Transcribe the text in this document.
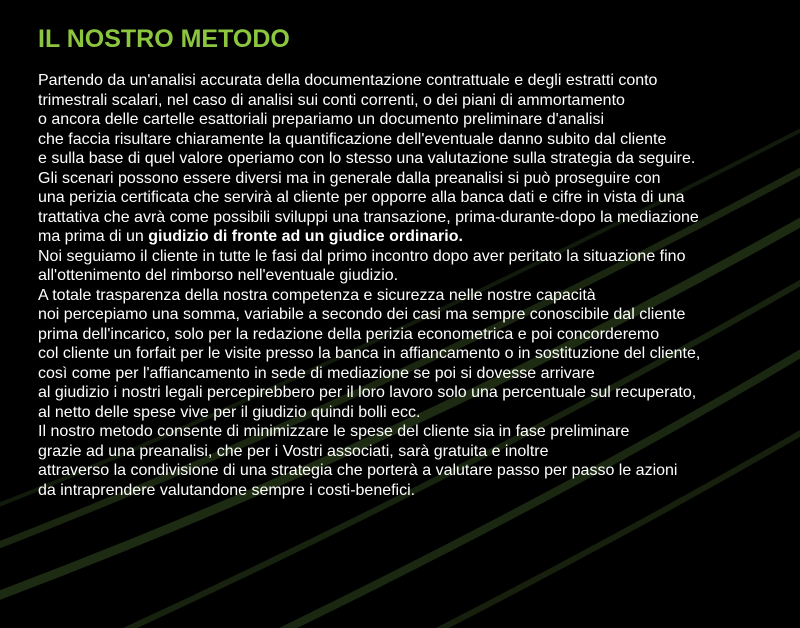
IL NOSTRO METODO
Partendo da un'analisi accurata della documentazione contrattuale e degli estratti conto
trimestrali scalari, nel caso di analisi sui conti correnti, o dei piani di ammortamento
o ancora delle cartelle esattoriali prepariamo un documento preliminare d'analisi
che faccia risultare chiaramente la quantificazione dell'eventuale danno subito dal cliente
e sulla base di quel valore operiamo con lo stesso una valutazione sulla strategia da seguire.
Gli scenari possono essere diversi ma in generale dalla preanalisi si può proseguire con
una perizia certificata che servirà al cliente per opporre alla banca dati e cifre in vista di una
trattativa che avrà come possibili sviluppi una transazione, prima-durante-dopo la mediazione
ma prima di un giudizio di fronte ad un giudice ordinario.
Noi seguiamo il cliente in tutte le fasi dal primo incontro dopo aver peritato la situazione fino
all'ottenimento del rimborso nell'eventuale giudizio.
A totale trasparenza della nostra competenza e sicurezza nelle nostre capacità
noi percepiamo una somma, variabile a secondo dei casi ma sempre conoscibile dal cliente
prima dell'incarico, solo per la redazione della perizia econometrica e poi concorderemo
col cliente un forfait per le visite presso la banca in affiancamento o in sostituzione del cliente,
così come per l'affiancamento in sede di mediazione se poi si dovesse arrivare
al giudizio i nostri legali percepirebbero per il loro lavoro solo una percentuale sul recuperato,
al netto delle spese vive per il giudizio quindi bolli ecc.
Il nostro metodo consente di minimizzare le spese del cliente sia in fase preliminare
grazie ad una preanalisi, che per i Vostri associati, sarà gratuita e inoltre
attraverso la condivisione di una strategia che porterà a valutare passo per passo le azioni
da intraprendere valutandone sempre i costi-benefici.
